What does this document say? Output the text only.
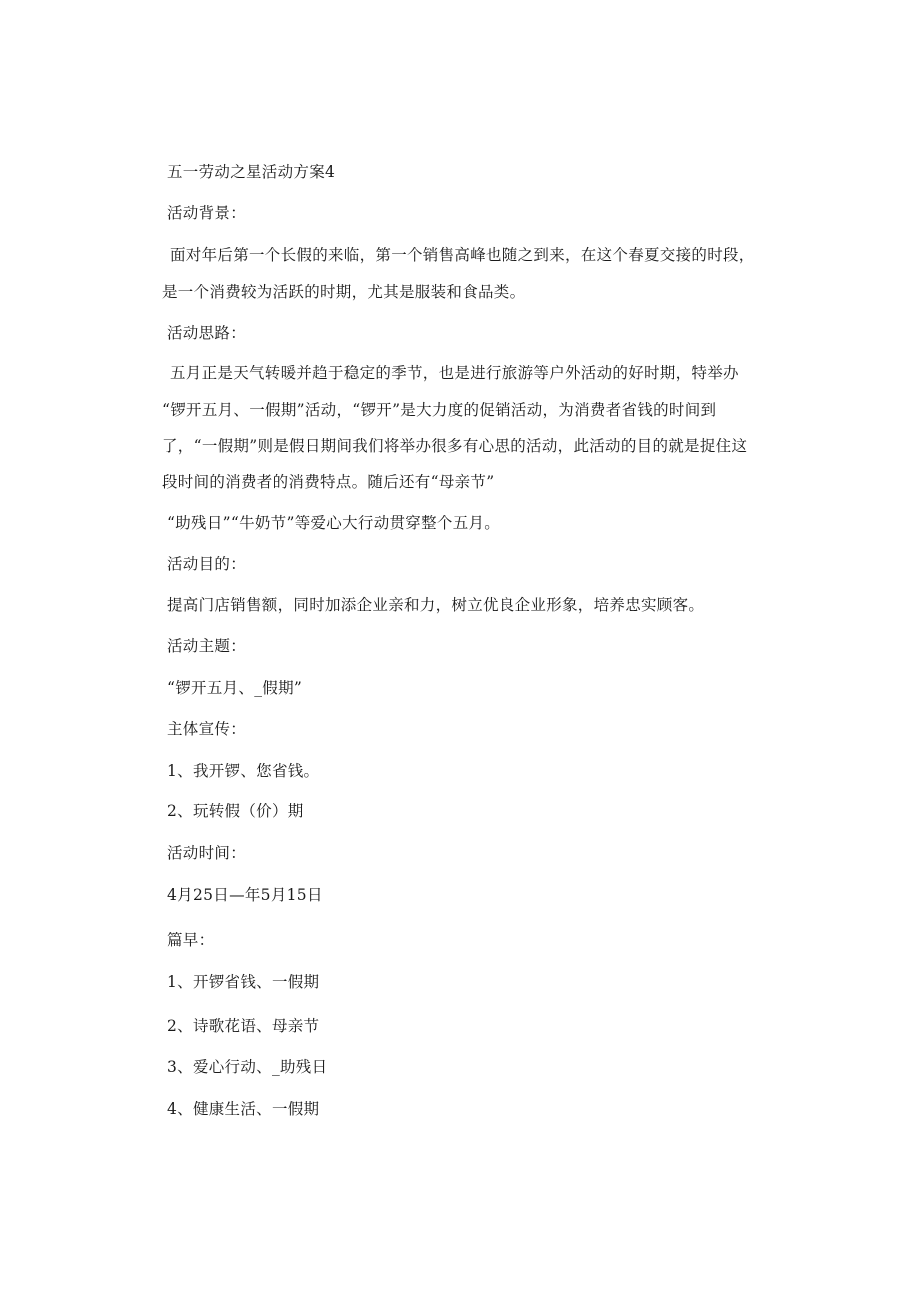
五一劳动之星活动方案4
活动背景：
面对年后第一个长假的来临，第一个销售高峰也随之到来，在这个春夏交接的时段，
是一个消费较为活跃的时期，尤其是服装和食品类。
活动思路：
五月正是天气转暖并趋于稳定的季节，也是进行旅游等户外活动的好时期，特举办
“锣开五月、一假期”活动，“锣开”是大力度的促销活动，为消费者省钱的时间到
了，“一假期”则是假日期间我们将举办很多有心思的活动，此活动的目的就是捉住这
段时间的消费者的消费特点。随后还有“母亲节”
“助残日”“牛奶节”等爱心大行动贯穿整个五月。
活动目的：
提高门店销售额，同时加添企业亲和力，树立优良企业形象，培养忠实顾客。
活动主题：
“锣开五月、_假期”
主体宣传：
1、我开锣、您省钱。
2、玩转假（价）期
活动时间：
4月25日—年5月15日
篇早：
1、开锣省钱、一假期
2、诗歌花语、母亲节
3、爱心行动、_助残日
4、健康生活、一假期
